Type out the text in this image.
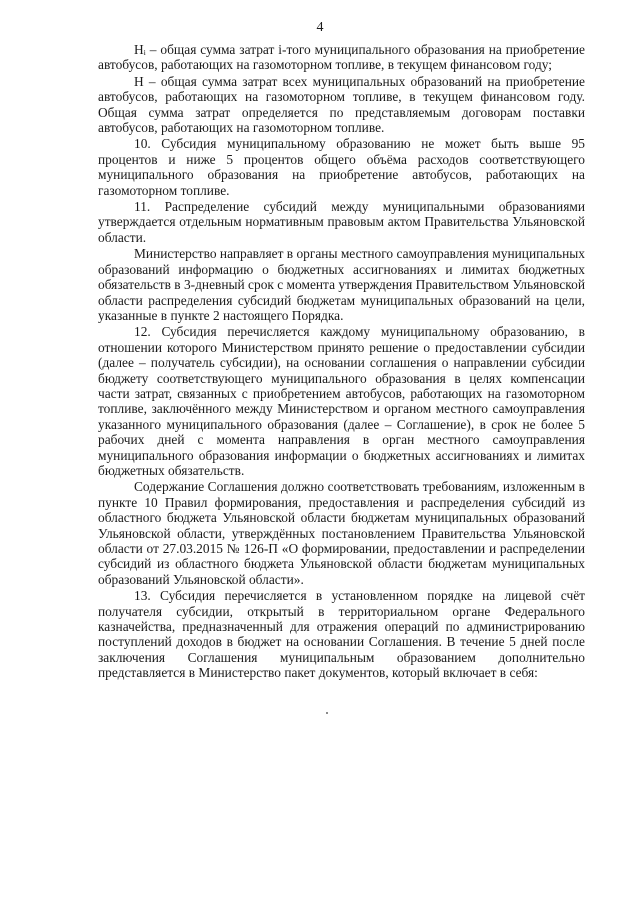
4

Hᵢ – общая сумма затрат i-того муниципального образования на приобретение автобусов, работающих на газомоторном топливе, в текущем финансовом году;

H – общая сумма затрат всех муниципальных образований на приобретение автобусов, работающих на газомоторном топливе, в текущем финансовом году. Общая сумма затрат определяется по представляемым договорам поставки автобусов, работающих на газомоторном топливе.

10. Субсидия муниципальному образованию не может быть выше 95 процентов и ниже 5 процентов общего объёма расходов соответствующего муниципального образования на приобретение автобусов, работающих на газомоторном топливе.

11. Распределение субсидий между муниципальными образованиями утверждается отдельным нормативным правовым актом Правительства Ульяновской области.

Министерство направляет в органы местного самоуправления муниципальных образований информацию о бюджетных ассигнованиях и лимитах бюджетных обязательств в 3-дневный срок с момента утверждения Правительством Ульяновской области распределения субсидий бюджетам муниципальных образований на цели, указанные в пункте 2 настоящего Порядка.

12. Субсидия перечисляется каждому муниципальному образованию, в отношении которого Министерством принято решение о предоставлении субсидии (далее – получатель субсидии), на основании соглашения о направлении субсидии бюджету соответствующего муниципального образования в целях компенсации части затрат, связанных с приобретением автобусов, работающих на газомоторном топливе, заключённого между Министерством и органом местного самоуправления указанного муниципального образования (далее – Соглашение), в срок не более 5 рабочих дней с момента направления в орган местного самоуправления муниципального образования информации о бюджетных ассигнованиях и лимитах бюджетных обязательств.

Содержание Соглашения должно соответствовать требованиям, изложенным в пункте 10 Правил формирования, предоставления и распределения субсидий из областного бюджета Ульяновской области бюджетам муниципальных образований Ульяновской области, утверждённых постановлением Правительства Ульяновской области от 27.03.2015 № 126-П «О формировании, предоставлении и распределении субсидий из областного бюджета Ульяновской области бюджетам муниципальных образований Ульяновской области».

13. Субсидия перечисляется в установленном порядке на лицевой счёт получателя субсидии, открытый в территориальном органе Федерального казначейства, предназначенный для отражения операций по администрированию поступлений доходов в бюджет на основании Соглашения. В течение 5 дней после заключения Соглашения муниципальным образованием дополнительно представляется в Министерство пакет документов, который включает в себя:
